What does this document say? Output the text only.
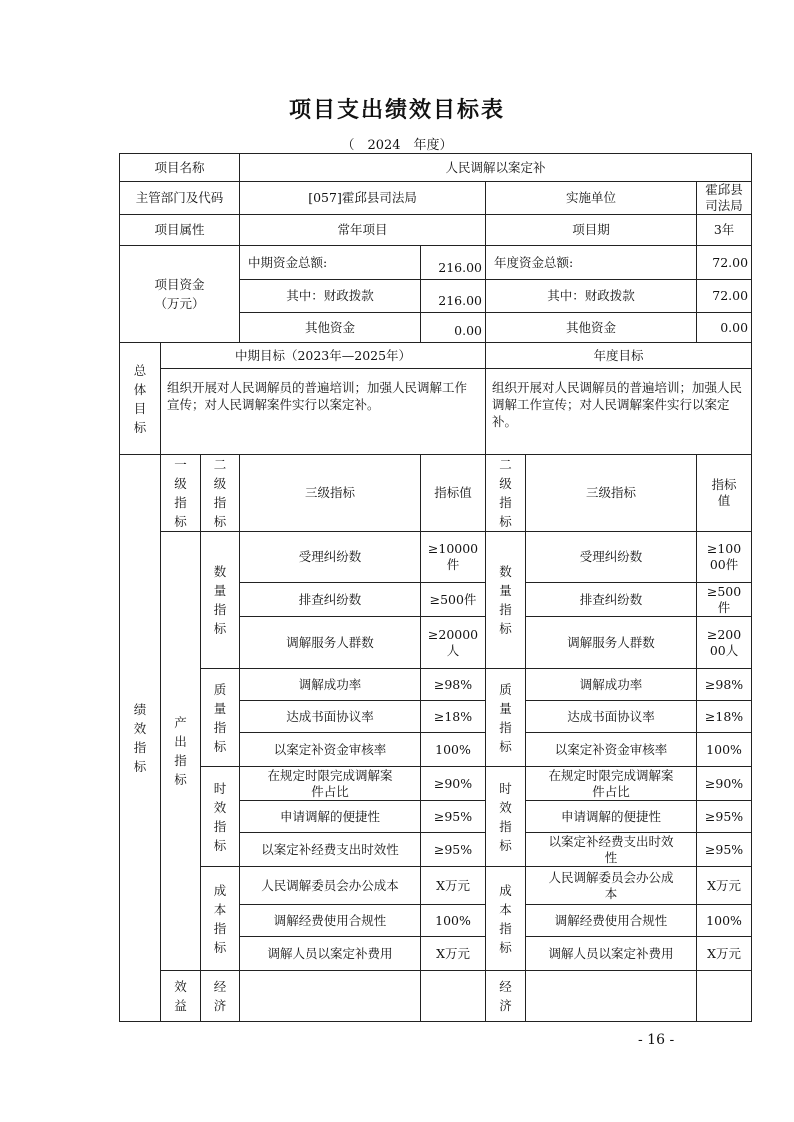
项目支出绩效目标表
（　2024　年度）
项目名称			人民调解以案定补				
主管部门及代码			[057]霍邱县司法局		实施单位		霍邱县司法局
项目属性			常年项目		项目期		3年

项目资金（万元）			中期资金总额:	216.00	年度资金总额:		72.00
			其中：财政拨款	216.00	其中：财政拨款		72.00
			其他资金	0.00	其他资金		0.00

总体目标	中期目标（2023年—2025年）				年度目标		
	组织开展对人民调解员的普遍培训；加强人民调解工作宣传；对人民调解案件实行以案定补。				组织开展对人民调解员的普遍培训；加强人民调解工作宣传；对人民调解案件实行以案定补。		

绩效指标	一级指标	二级指标	三级指标	指标值	二级指标	三级指标	指标值

	产出指标	数量指标	受理纠纷数	≥10000件	数量指标	受理纠纷数	≥10000件

			排查纠纷数	≥500件		排查纠纷数	≥500件

			调解服务人群数	≥20000人		调解服务人群数	≥20000人

		质量指标	调解成功率	≥98%	质量指标	调解成功率	≥98%
			达成书面协议率	≥18%		达成书面协议率	≥18%
			以案定补资金审核率	100%		以案定补资金审核率	100%

		时效指标	在规定时限完成调解案件占比	≥90%	时效指标	在规定时限完成调解案件占比	≥90%
			申请调解的便捷性	≥95%		申请调解的便捷性	≥95%
			以案定补经费支出时效性	≥95%		以案定补经费支出时效性	≥95%

		成本指标	人民调解委员会办公成本	X万元	成本指标	人民调解委员会办公成本	X万元
			调解经费使用合规性	100%		调解经费使用合规性	100%
			调解人员以案定补费用	X万元		调解人员以案定补费用	X万元

	效益	经济			经济		

- 16 -
